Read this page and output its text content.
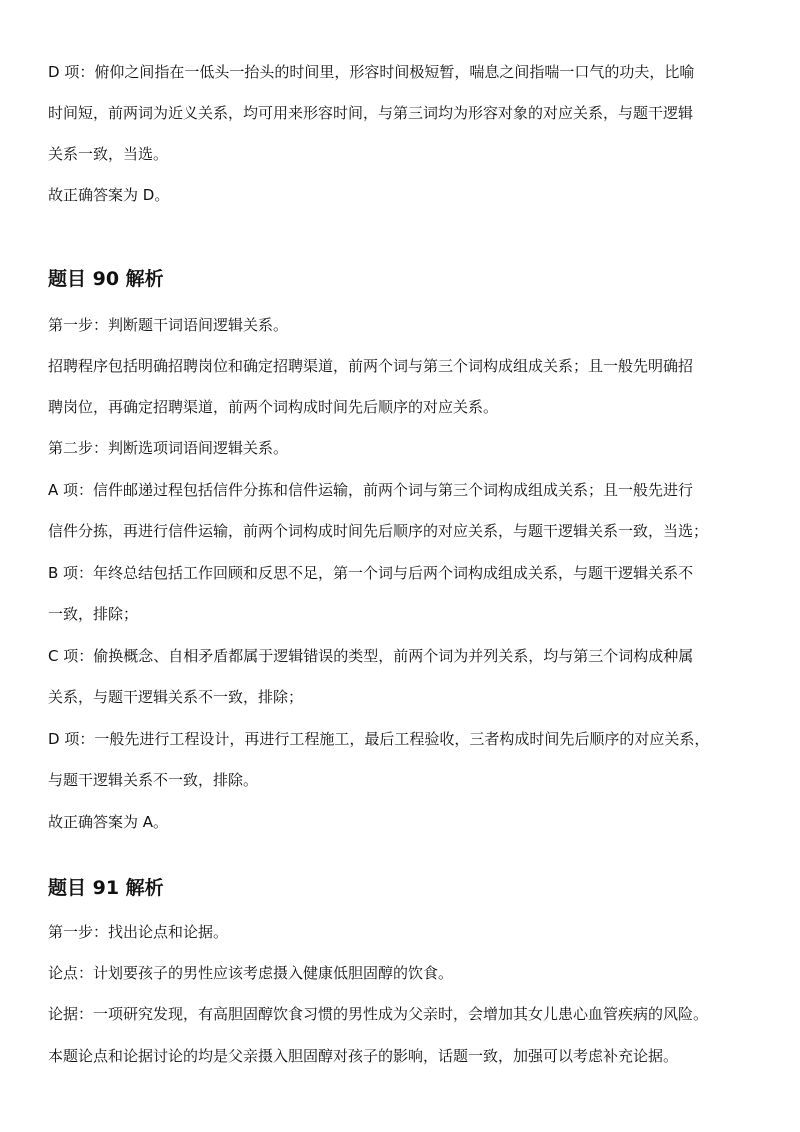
D 项：俯仰之间指在一低头一抬头的时间里，形容时间极短暂，喘息之间指喘一口气的功夫，比喻
时间短，前两词为近义关系，均可用来形容时间，与第三词均为形容对象的对应关系，与题干逻辑
关系一致，当选。
故正确答案为 D。
题目 90 解析
第一步：判断题干词语间逻辑关系。
招聘程序包括明确招聘岗位和确定招聘渠道，前两个词与第三个词构成组成关系；且一般先明确招
聘岗位，再确定招聘渠道，前两个词构成时间先后顺序的对应关系。
第二步：判断选项词语间逻辑关系。
A 项：信件邮递过程包括信件分拣和信件运输，前两个词与第三个词构成组成关系；且一般先进行
信件分拣，再进行信件运输，前两个词构成时间先后顺序的对应关系，与题干逻辑关系一致，当选；
B 项：年终总结包括工作回顾和反思不足，第一个词与后两个词构成组成关系，与题干逻辑关系不
一致，排除；
C 项：偷换概念、自相矛盾都属于逻辑错误的类型，前两个词为并列关系，均与第三个词构成种属
关系，与题干逻辑关系不一致，排除；
D 项：一般先进行工程设计，再进行工程施工，最后工程验收，三者构成时间先后顺序的对应关系，
与题干逻辑关系不一致，排除。
故正确答案为 A。
题目 91 解析
第一步：找出论点和论据。
论点：计划要孩子的男性应该考虑摄入健康低胆固醇的饮食。
论据：一项研究发现，有高胆固醇饮食习惯的男性成为父亲时，会增加其女儿患心血管疾病的风险。
本题论点和论据讨论的均是父亲摄入胆固醇对孩子的影响，话题一致，加强可以考虑补充论据。
